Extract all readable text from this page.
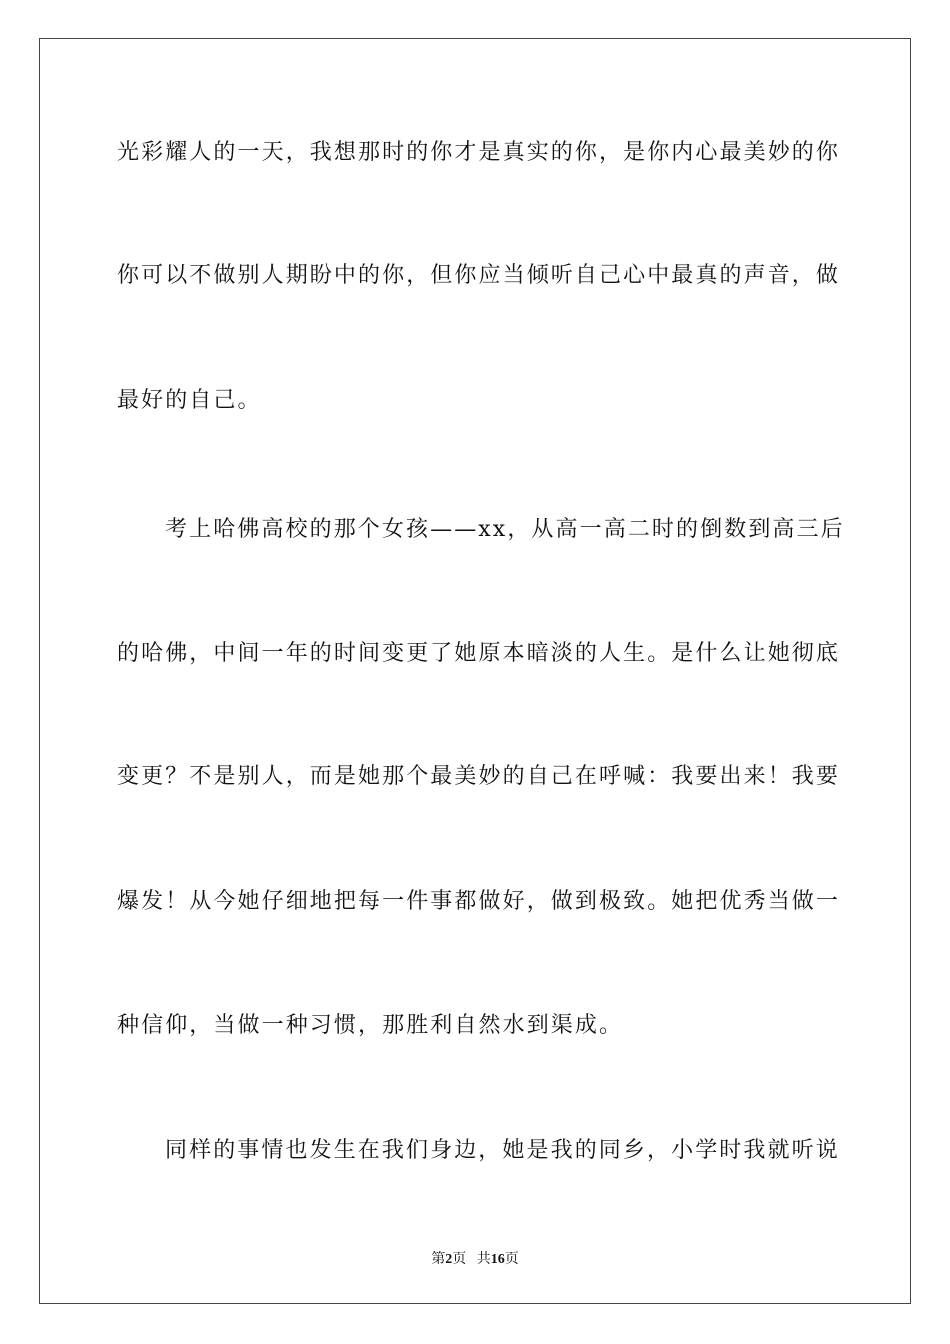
光彩耀人的一天，我想那时的你才是真实的你，是你内心最美妙的你
你可以不做别人期盼中的你，但你应当倾听自己心中最真的声音，做
最好的自己。
考上哈佛高校的那个女孩——xx，从高一高二时的倒数到高三后
的哈佛，中间一年的时间变更了她原本暗淡的人生。是什么让她彻底
变更？不是别人，而是她那个最美妙的自己在呼喊：我要出来！我要
爆发！从今她仔细地把每一件事都做好，做到极致。她把优秀当做一
种信仰，当做一种习惯，那胜利自然水到渠成。
同样的事情也发生在我们身边，她是我的同乡，小学时我就听说
第2页 共16页
